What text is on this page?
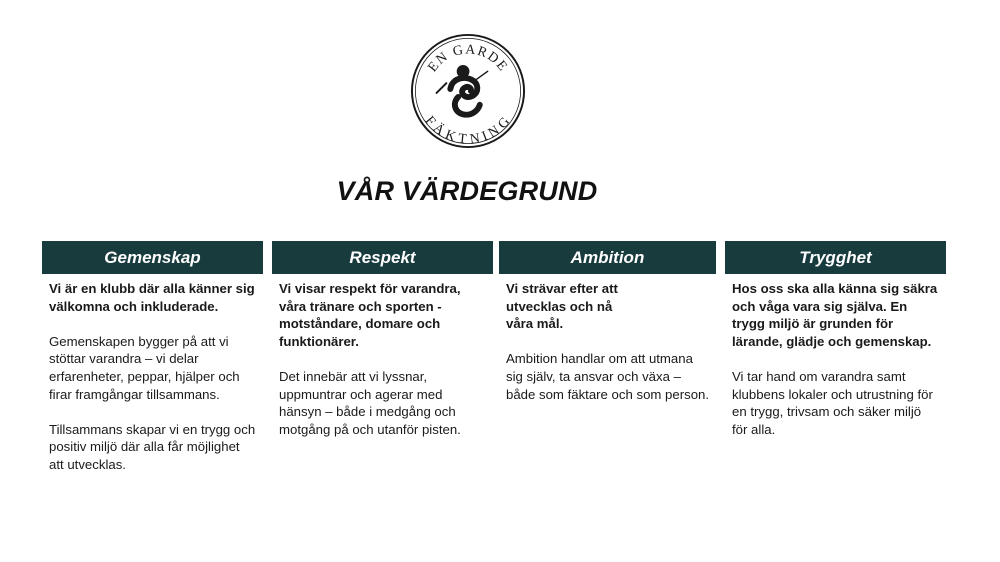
EN GARDE
FÄKTNING
VÅR VÄRDEGRUND
Gemenskap

Vi är en klubb där alla känner sig välkomna och inkluderade.

Gemenskapen bygger på att vi stöttar varandra – vi delar erfarenheter, peppar, hjälper och firar framgångar tillsammans.

Tillsammans skapar vi en trygg och positiv miljö där alla får möjlighet att utvecklas.

Respekt

Vi visar respekt för varandra, våra tränare och sporten - motståndare, domare och funktionärer.

Det innebär att vi lyssnar, uppmuntrar och agerar med hänsyn – både i medgång och motgång på och utanför pisten.

Ambition

Vi strävar efter att utvecklas och nå våra mål.

Ambition handlar om att utmana sig själv, ta ansvar och växa – både som fäktare och som person.

Trygghet

Hos oss ska alla känna sig säkra och våga vara sig själva. En trygg miljö är grunden för lärande, glädje och gemenskap.

Vi tar hand om varandra samt klubbens lokaler och utrustning för en trygg, trivsam och säker miljö för alla.
